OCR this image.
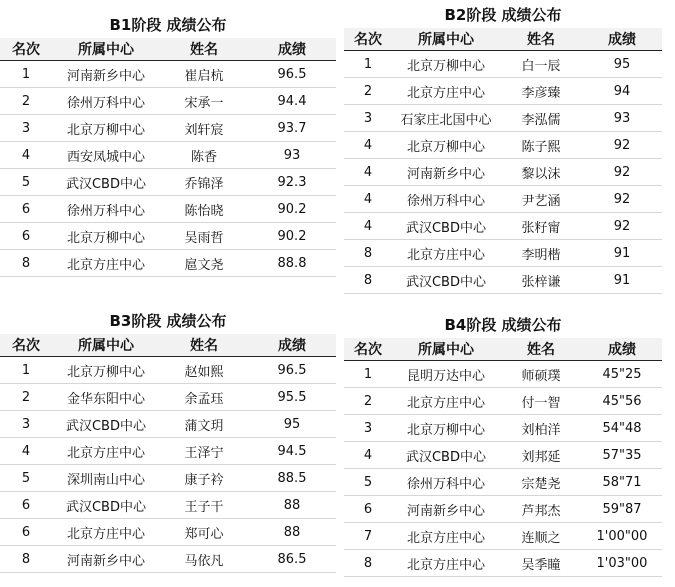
B1阶段 成绩公布
名次	所属中心	姓名	成绩
1	河南新乡中心	崔启杭	96.5
2	徐州万科中心	宋承一	94.4
3	北京万柳中心	刘轩宸	93.7
4	西安凤城中心	陈香	93
5	武汉CBD中心	乔锦泽	92.3
6	徐州万科中心	陈怡晓	90.2
6	北京万柳中心	吴雨哲	90.2
8	北京方庄中心	扈文尧	88.8
B2阶段 成绩公布
名次	所属中心	姓名	成绩
1	北京万柳中心	白一辰	95
2	北京方庄中心	李彦臻	94
3	石家庄北国中心	李泓儒	93
4	北京万柳中心	陈子熙	92
4	河南新乡中心	黎以沫	92
4	徐州万科中心	尹艺涵	92
4	武汉CBD中心	张籽甯	92
8	北京方庄中心	李明楷	91
8	武汉CBD中心	张梓谦	91
B3阶段 成绩公布
名次	所属中心	姓名	成绩
1	北京万柳中心	赵如熙	96.5
2	金华东阳中心	余孟珏	95.5
3	武汉CBD中心	蒲文玥	95
4	北京方庄中心	王泽宁	94.5
5	深圳南山中心	康子衿	88.5
6	武汉CBD中心	王子干	88
6	北京方庄中心	郑可心	88
8	河南新乡中心	马依凡	86.5
B4阶段 成绩公布
名次	所属中心	姓名	成绩
1	昆明万达中心	师硕璞	45"25
2	北京方庄中心	付一智	45"56
3	北京万柳中心	刘柏洋	54"48
4	武汉CBD中心	刘邦延	57"35
5	徐州万科中心	宗楚尧	58"71
6	河南新乡中心	芦邦杰	59"87
7	北京方庄中心	连顺之	1'00"00
8	北京方庄中心	吴季瞳	1'03"00
